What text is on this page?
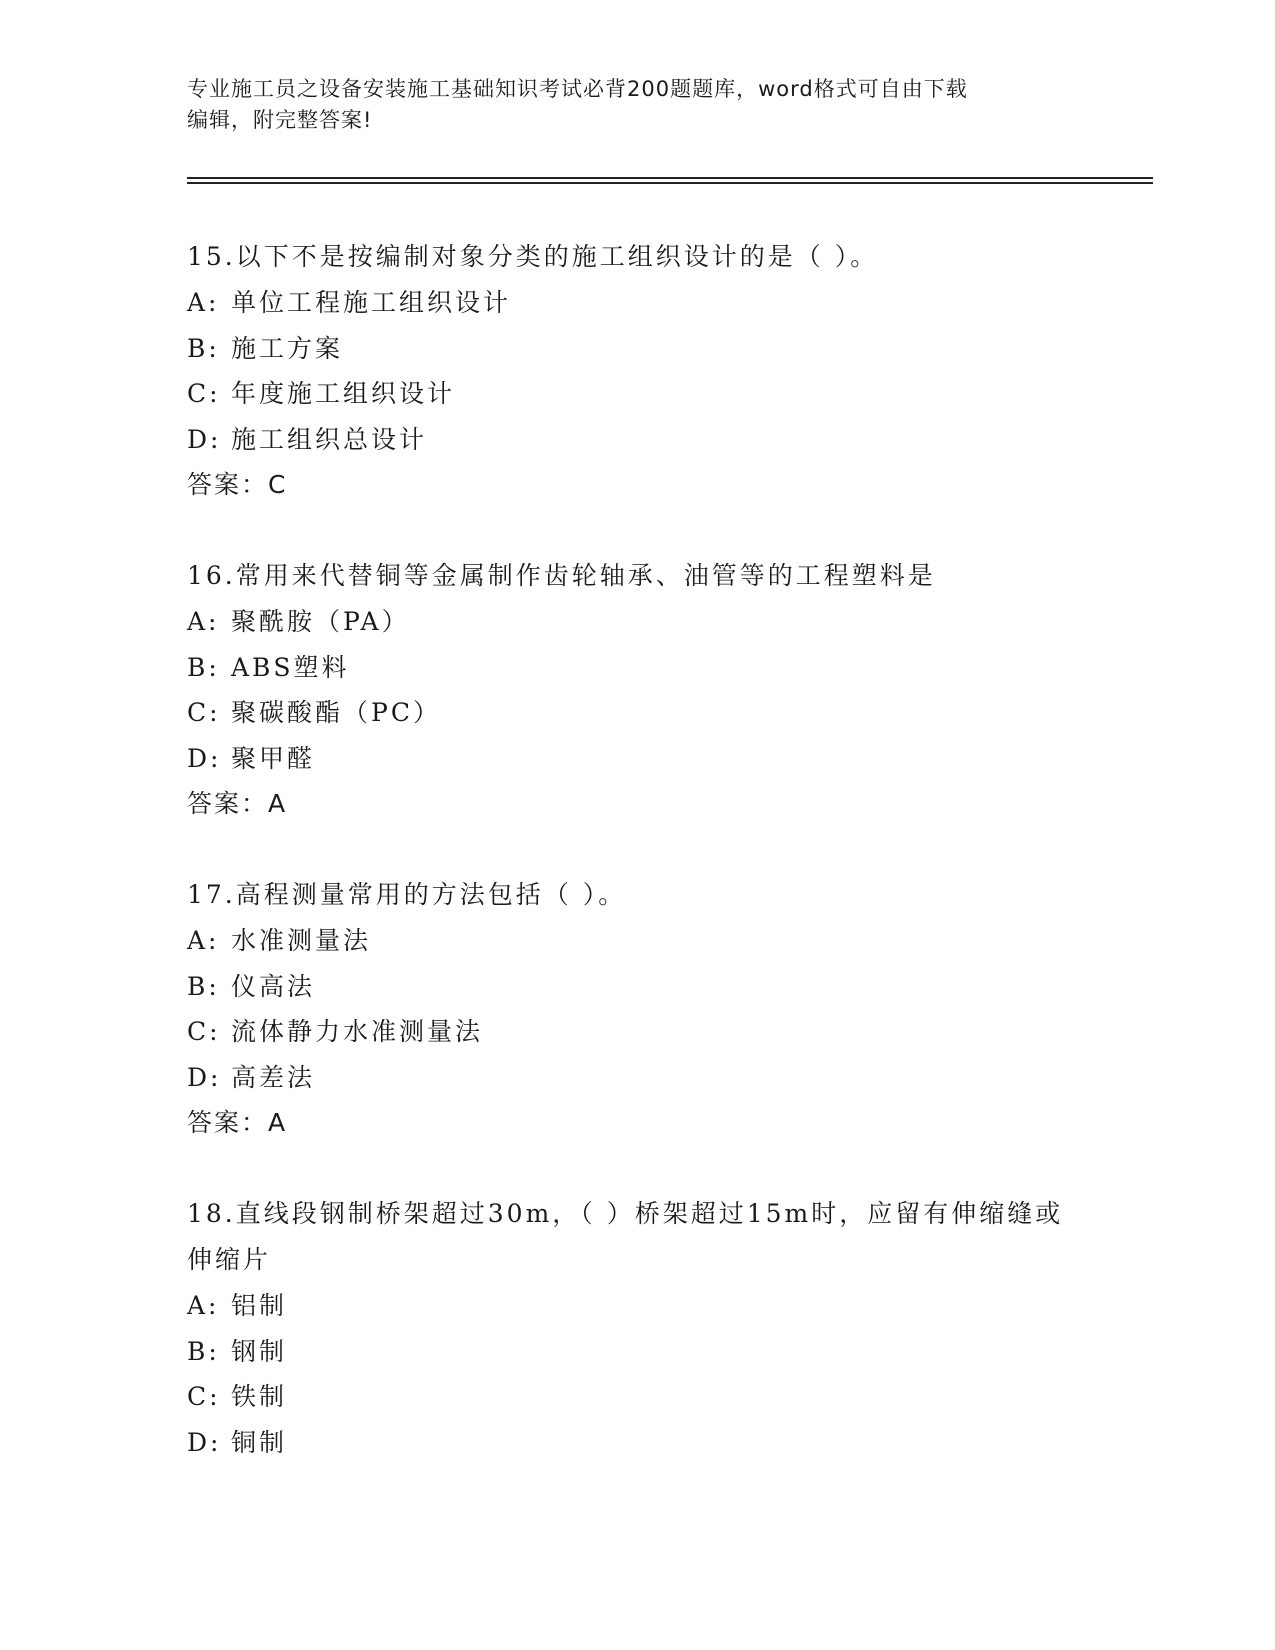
专业施工员之设备安装施工基础知识考试必背200题题库，word格式可自由下载
编辑，附完整答案!

15.以下不是按编制对象分类的施工组织设计的是（ ）。

A: 单位工程施工组织设计

B: 施工方案

C: 年度施工组织设计

D: 施工组织总设计

答案：C

16.常用来代替铜等金属制作齿轮轴承、油管等的工程塑料是

A: 聚酰胺（PA）

B: ABS塑料

C: 聚碳酸酯（PC）

D: 聚甲醛

答案：A

17.高程测量常用的方法包括（ ）。

A: 水准测量法

B: 仪高法

C: 流体静力水准测量法

D: 高差法

答案：A

18.直线段钢制桥架超过30m，（ ）桥架超过15m时，应留有伸缩缝或

伸缩片

A: 铝制

B: 钢制

C: 铁制

D: 铜制
